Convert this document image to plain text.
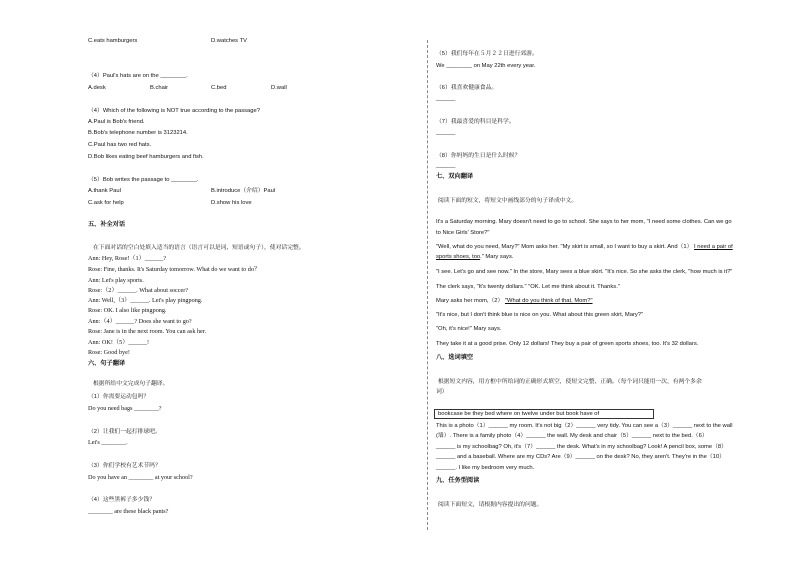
C.eats hamburgers	D.watches TV
（4）Paul's hats are on the ________.
A.desk	B.chair	C.bed	D.wall
（4）Which of the following is NOT true according to the passage?
A.Paul is Bob's friend.
B.Bob's telephone number is 3123214.
C.Paul has two red hats.
D.Bob likes eating beef hamburgers and fish.
（5）Bob writes the passage to ________.
A.thank Paul	B.introduce（介绍）Paul
C.ask for help	D.show his love
五、补全对话
在下面对话的空白处填入适当的语言（语言可以是词、短语或句子），使对话完整。
Ann: Hey, Rose!（1）______?
Rose: Fine, thanks. It's Saturday tomorrow. What do we want to do？
Ann: Let's play sports.
Rose:（2）______. What about soccer?
Ann: Well,（3）______. Let's play pingpong.
Rose: OK. I also like pingpong.
Ann:（4）______? Does she want to go?
Rose: Jane is in the next room. You can ask her.
Ann: OK!（5）______!
Rose: Good bye!
六、句子翻译
根据所给中文完成句子翻译。
（1）你需要运动包吗？
Do you need bags ________?
（2）让我们一起打排球吧。
Let's ________.
（3）你们学校有艺术节吗？
Do you have an ________ at your school?
（4）这些黑裤子多少钱？
________ are these black pants?
（5）我们每年在５月２２日进行郊游。
We ________ on May 22th every year.
（6）我喜欢健康食品。
______
（7）我最喜爱的科目是科学。
______
（8）你妈妈的生日是什么时候？
______
七、双向翻译
阅读下面的短文，将短文中画线部分的句子译成中文。
It's a Saturday morning. Mary doesn't need to go to school. She says to her mom, "I need some clothes. Can we go
to Nice Girls' Store?"
"Well, what do you need, Mary?" Mom asks her. "My skirt is small, so I want to buy a skirt. And（1） I need a pair of
sports shoes, too." Mary says.
"I see. Let's go and see now." In the store, Mary sees a blue skirt. "It's nice. So she asks the clerk, "how much is it?"
The clerk says, "It's twenty dollars." "OK. Let me think about it. Thanks."
Mary asks her mom,（2） "What do you think of that, Mom?"
"It's nice, but I don't think blue is nice on you. What about this green skirt, Mary?"
"Oh, it's nice!" Mary says.
They take it at a good prise. Only 12 dollars! They buy a pair of green sports shoes, too. It's 32 dollars.
八、选词填空
根据短文内容，用方框中所给词的正确形式填空，使短文完整、正确。（每个词只能用一次，有两个多余
词）
bookcase be they bed where on twelve under but book have of
This is a photo（1）______ my room. It's not big（2）______ very tidy. You can see a（3）______ next to the wall
(墙）. There is a family photo（4）______ the wall. My desk and chair（5）______ next to the bed.（6）
______ is my schoolbag? Oh, it's（7）______ the desk. What's in my schoolbag? Look! A pencil box, some（8）
______ and a baseball. Where are my CDs? Are（9）______ on the desk? No, they aren't. They're in the（10）
______. I like my bedroom very much.
九、任务型阅读
阅读下面短文，请根据内容提出的问题。
